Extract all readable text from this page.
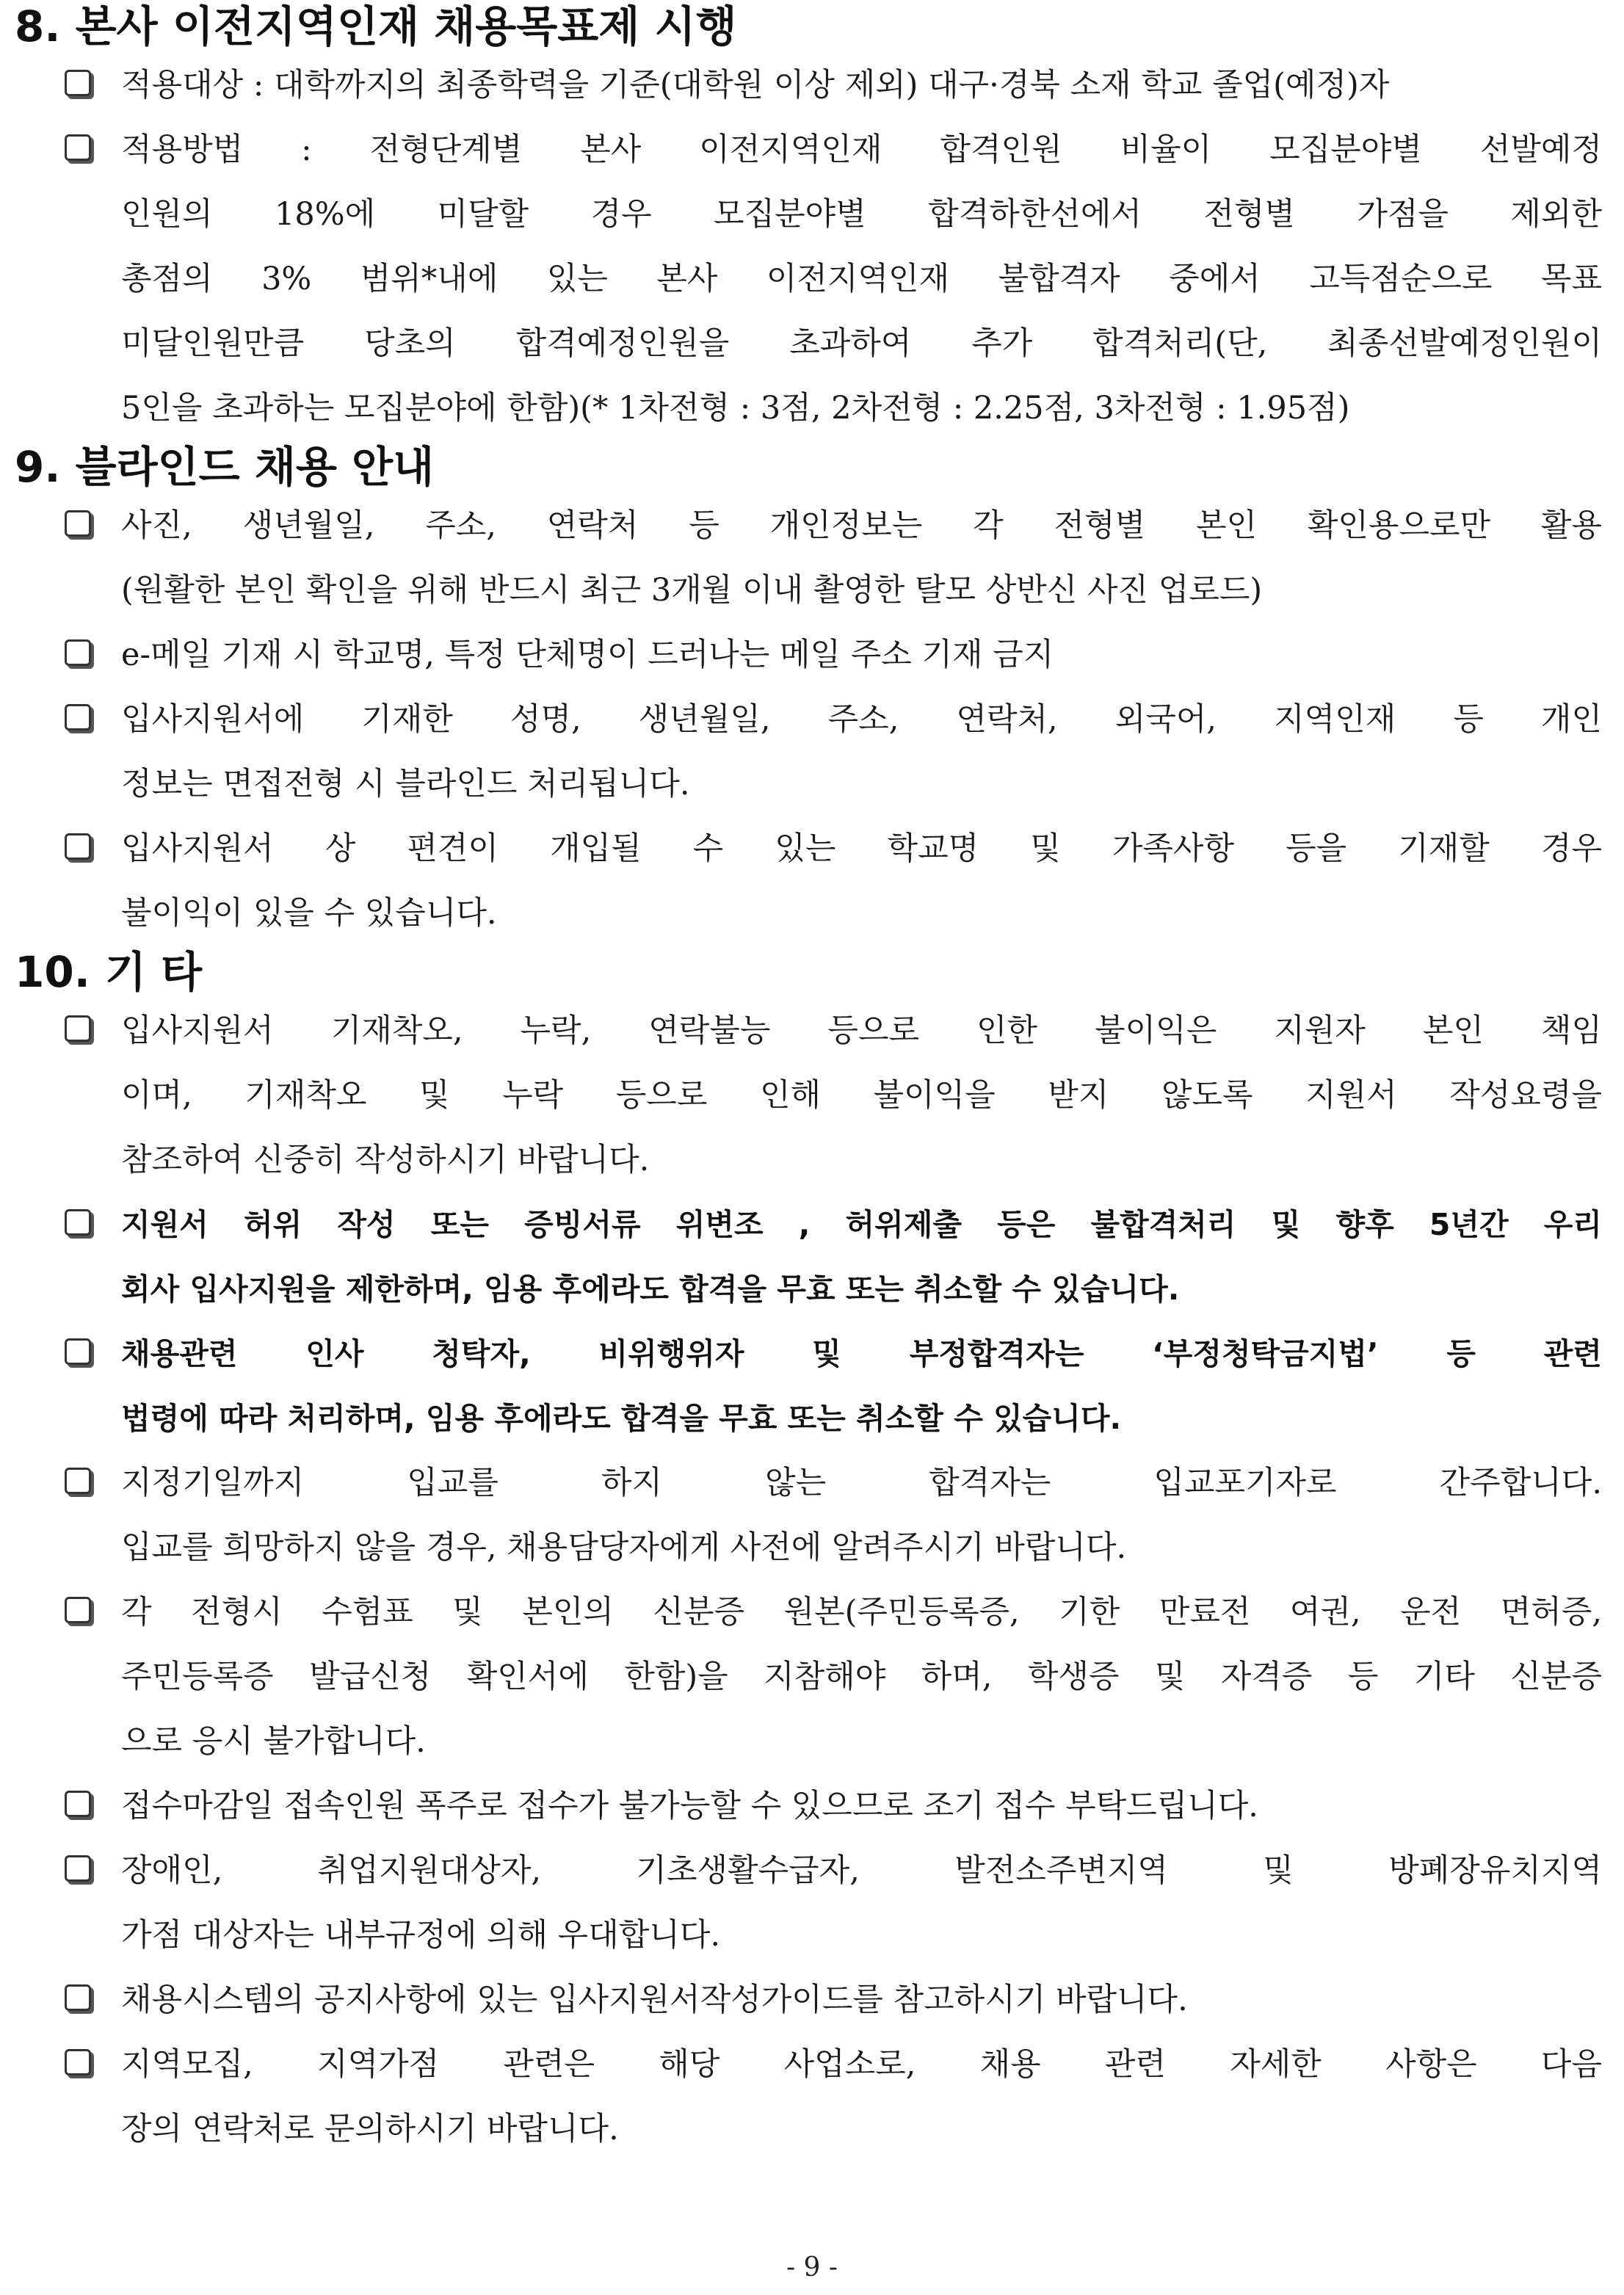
8. 본사 이전지역인재 채용목표제 시행
적용대상 : 대학까지의 최종학력을 기준(대학원 이상 제외) 대구·경북 소재 학교 졸업(예정)자
적용방법 : 전형단계별 본사 이전지역인재 합격인원 비율이 모집분야별 선발예정
인원의 18%에 미달할 경우 모집분야별 합격하한선에서 전형별 가점을 제외한
총점의 3% 범위*내에 있는 본사 이전지역인재 불합격자 중에서 고득점순으로 목표
미달인원만큼 당초의 합격예정인원을 초과하여 추가 합격처리(단, 최종선발예정인원이
5인을 초과하는 모집분야에 한함)(* 1차전형 : 3점, 2차전형 : 2.25점, 3차전형 : 1.95점)
9. 블라인드 채용 안내
사진, 생년월일, 주소, 연락처 등 개인정보는 각 전형별 본인 확인용으로만 활용
(원활한 본인 확인을 위해 반드시 최근 3개월 이내 촬영한 탈모 상반신 사진 업로드)
e-메일 기재 시 학교명, 특정 단체명이 드러나는 메일 주소 기재 금지
입사지원서에 기재한 성명, 생년월일, 주소, 연락처, 외국어, 지역인재 등 개인
정보는 면접전형 시 블라인드 처리됩니다.
입사지원서 상 편견이 개입될 수 있는 학교명 및 가족사항 등을 기재할 경우
불이익이 있을 수 있습니다.
10. 기 타
입사지원서 기재착오, 누락, 연락불능 등으로 인한 불이익은 지원자 본인 책임
이며, 기재착오 및 누락 등으로 인해 불이익을 받지 않도록 지원서 작성요령을
참조하여 신중히 작성하시기 바랍니다.
지원서 허위 작성 또는 증빙서류 위변조 , 허위제출 등은 불합격처리 및 향후 5년간 우리
회사 입사지원을 제한하며, 임용 후에라도 합격을 무효 또는 취소할 수 있습니다.
채용관련 인사 청탁자, 비위행위자 및 부정합격자는 ‘부정청탁금지법’ 등 관련
법령에 따라 처리하며, 임용 후에라도 합격을 무효 또는 취소할 수 있습니다.
지정기일까지 입교를 하지 않는 합격자는 입교포기자로 간주합니다.
입교를 희망하지 않을 경우, 채용담당자에게 사전에 알려주시기 바랍니다.
각 전형시 수험표 및 본인의 신분증 원본(주민등록증, 기한 만료전 여권, 운전 면허증,
주민등록증 발급신청 확인서에 한함)을 지참해야 하며, 학생증 및 자격증 등 기타 신분증
으로 응시 불가합니다.
접수마감일 접속인원 폭주로 접수가 불가능할 수 있으므로 조기 접수 부탁드립니다.
장애인, 취업지원대상자, 기초생활수급자, 발전소주변지역 및 방폐장유치지역
가점 대상자는 내부규정에 의해 우대합니다.
채용시스템의 공지사항에 있는 입사지원서작성가이드를 참고하시기 바랍니다.
지역모집, 지역가점 관련은 해당 사업소로, 채용 관련 자세한 사항은 다음
장의 연락처로 문의하시기 바랍니다.
- 9 -
